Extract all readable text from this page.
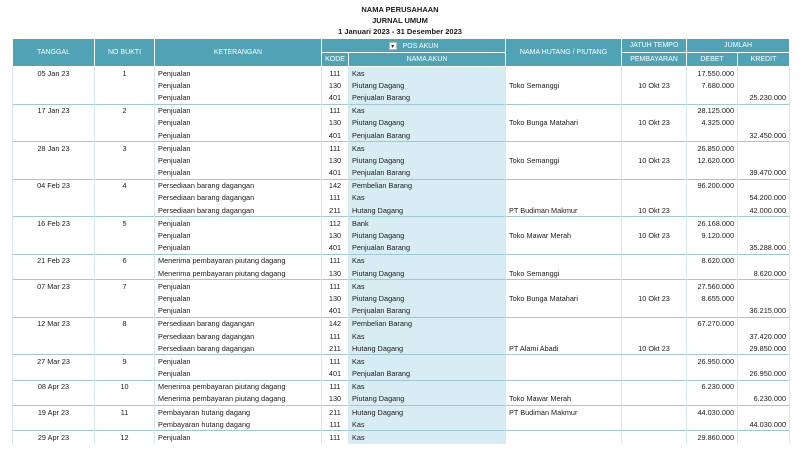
NAMA PERUSAHAAN
JURNAL UMUM
1 Januari 2023 - 31 Desember 2023
TANGGAL	NO BUKTI	KETERANGAN	▾ POS AKUN		NAMA HUTANG / PIUTANG	JATUH TEMPO	JUMLAH	
			KODE	NAMA AKUN		PEMBAYARAN	DEBET	KREDIT
05 Jan 23	1	Penjualan	111	Kas			17.550.000	
		Penjualan	130	Piutang Dagang	Toko Semanggi	10 Okt 23	7.680.000	
		Penjualan	401	Penjualan Barang				25.230.000
17 Jan 23	2	Penjualan	111	Kas			28.125.000	
		Penjualan	130	Piutang Dagang	Toko Bunga Matahari	10 Okt 23	4.325.000	
		Penjualan	401	Penjualan Barang				32.450.000
28 Jan 23	3	Penjualan	111	Kas			26.850.000	
		Penjualan	130	Piutang Dagang	Toko Semanggi	10 Okt 23	12.620.000	
		Penjualan	401	Penjualan Barang				39.470.000
04 Feb 23	4	Persediaan barang dagangan	142	Pembelian Barang			96.200.000	
		Persediaan barang dagangan	111	Kas				54.200.000
		Persediaan barang dagangan	211	Hutang Dagang	PT Budiman Makmur	10 Okt 23		42.000.000
16 Feb 23	5	Penjualan	112	Bank			26.168.000	
		Penjualan	130	Piutang Dagang	Toko Mawar Merah	10 Okt 23	9.120.000	
		Penjualan	401	Penjualan Barang				35.288.000
21 Feb 23	6	Menerima pembayaran piutang dagang	111	Kas			8.620.000	
		Menerima pembayaran piutang dagang	130	Piutang Dagang	Toko Semanggi			8.620.000
07 Mar 23	7	Penjualan	111	Kas			27.560.000	
		Penjualan	130	Piutang Dagang	Toko Bunga Matahari	10 Okt 23	8.655.000	
		Penjualan	401	Penjualan Barang				36.215.000
12 Mar 23	8	Persediaan barang dagangan	142	Pembelian Barang			67.270.000	
		Persediaan barang dagangan	111	Kas				37.420.000
		Persediaan barang dagangan	211	Hutang Dagang	PT Alami Abadi	10 Okt 23		29.850.000
27 Mar 23	9	Penjualan	111	Kas			26.950.000	
		Penjualan	401	Penjualan Barang				26.950.000
08 Apr 23	10	Menerima pembayaran piutang dagang	111	Kas			6.230.000	
		Menerima pembayaran piutang dagang	130	Piutang Dagang	Toko Mawar Merah			6.230.000
19 Apr 23	11	Pembayaran hutang dagang	211	Hutang Dagang	PT Budiman Makmur		44.030.000	
		Pembayaran hutang dagang	111	Kas				44.030.000
29 Apr 23	12	Penjualan	111	Kas			29.860.000	
